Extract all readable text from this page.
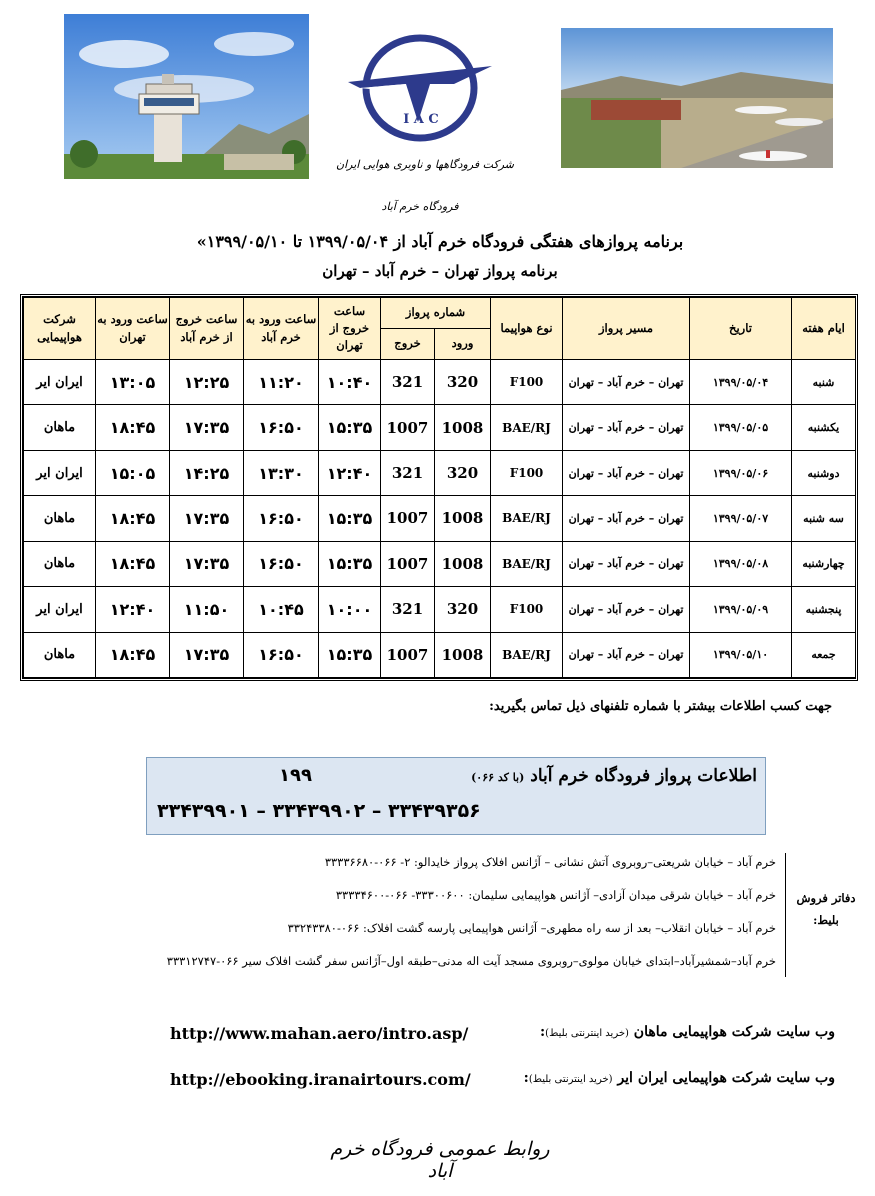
I A C
شرکت فرودگاهها و ناوبری هوایی ایران
فرودگاه خرم آباد
برنامه پروازهای هفتگی فرودگاه خرم آباد از ۱۳۹۹/۰۵/۰۴ تا ۱۳۹۹/۰۵/۱۰»
برنامه پرواز تهران – خرم آباد – تهران
ایام هفته	تاریخ	مسیر پرواز	نوع هواپیما	شماره پرواز		ساعت خروج از تهران	ساعت ورود به خرم آباد	ساعت خروج از خرم آباد	ساعت ورود به تهران	شرکت هواپیمایی
				ورود	خروج					
شنبه	۱۳۹۹/۰۵/۰۴	تهران – خرم آباد – تهران	F100	320	321	۱۰:۴۰	۱۱:۲۰	۱۲:۲۵	۱۳:۰۵	ایران ایر
یکشنبه	۱۳۹۹/۰۵/۰۵	تهران – خرم آباد – تهران	BAE/RJ	1008	1007	۱۵:۳۵	۱۶:۵۰	۱۷:۳۵	۱۸:۴۵	ماهان
دوشنبه	۱۳۹۹/۰۵/۰۶	تهران – خرم آباد – تهران	F100	320	321	۱۲:۴۰	۱۳:۳۰	۱۴:۲۵	۱۵:۰۵	ایران ایر
سه شنبه	۱۳۹۹/۰۵/۰۷	تهران – خرم آباد – تهران	BAE/RJ	1008	1007	۱۵:۳۵	۱۶:۵۰	۱۷:۳۵	۱۸:۴۵	ماهان
چهارشنبه	۱۳۹۹/۰۵/۰۸	تهران – خرم آباد – تهران	BAE/RJ	1008	1007	۱۵:۳۵	۱۶:۵۰	۱۷:۳۵	۱۸:۴۵	ماهان
پنجشنبه	۱۳۹۹/۰۵/۰۹	تهران – خرم آباد – تهران	F100	320	321	۱۰:۰۰	۱۰:۴۵	۱۱:۵۰	۱۲:۴۰	ایران ایر
جمعه	۱۳۹۹/۰۵/۱۰	تهران – خرم آباد – تهران	BAE/RJ	1008	1007	۱۵:۳۵	۱۶:۵۰	۱۷:۳۵	۱۸:۴۵	ماهان
جهت کسب اطلاعات بیشتر با شماره تلفنهای ذیل تماس بگیرید:
اطلاعات پرواز فرودگاه خرم آباد (با کد ۰۶۶)
۱۹۹
۳۳۴۳۹۹۰۱ – ۳۳۴۳۹۹۰۲ – ۳۳۴۳۹۳۵۶
دفاتر فروش بلیط:
خرم آباد – خیابان شریعتی–روبروی آتش نشانی – آژانس افلاک پرواز خایدالو: ۲- ۰۶۶-۳۳۳۳۶۶۸۰
خرم آباد – خیابان شرقی میدان آزادی– آژانس هواپیمایی سلیمان: ۳۳۳۰۰۶۰۰- ۰۶۶-۳۳۳۳۴۶۰۰
خرم آباد – خیابان انقلاب– بعد از سه راه مطهری– آژانس هواپیمایی پارسه گشت افلاک: ۰۶۶-۳۳۲۴۳۳۸۰
خرم آباد–شمشیرآباد–ابتدای خیابان مولوی–روبروی مسجد آیت اله مدنی–طبقه اول–آژانس سفر گشت افلاک سیر ۰۶۶-۳۳۳۱۲۷۴۷
وب سایت شرکت هواپیمایی ماهان (خرید اینترنتی بلیط):
http://www.mahan.aero/intro.asp/
وب سایت شرکت هواپیمایی ایران ایر (خرید اینترنتی بلیط):
http://ebooking.iranairtours.com/
روابط عمومی فرودگاه خرم آباد
